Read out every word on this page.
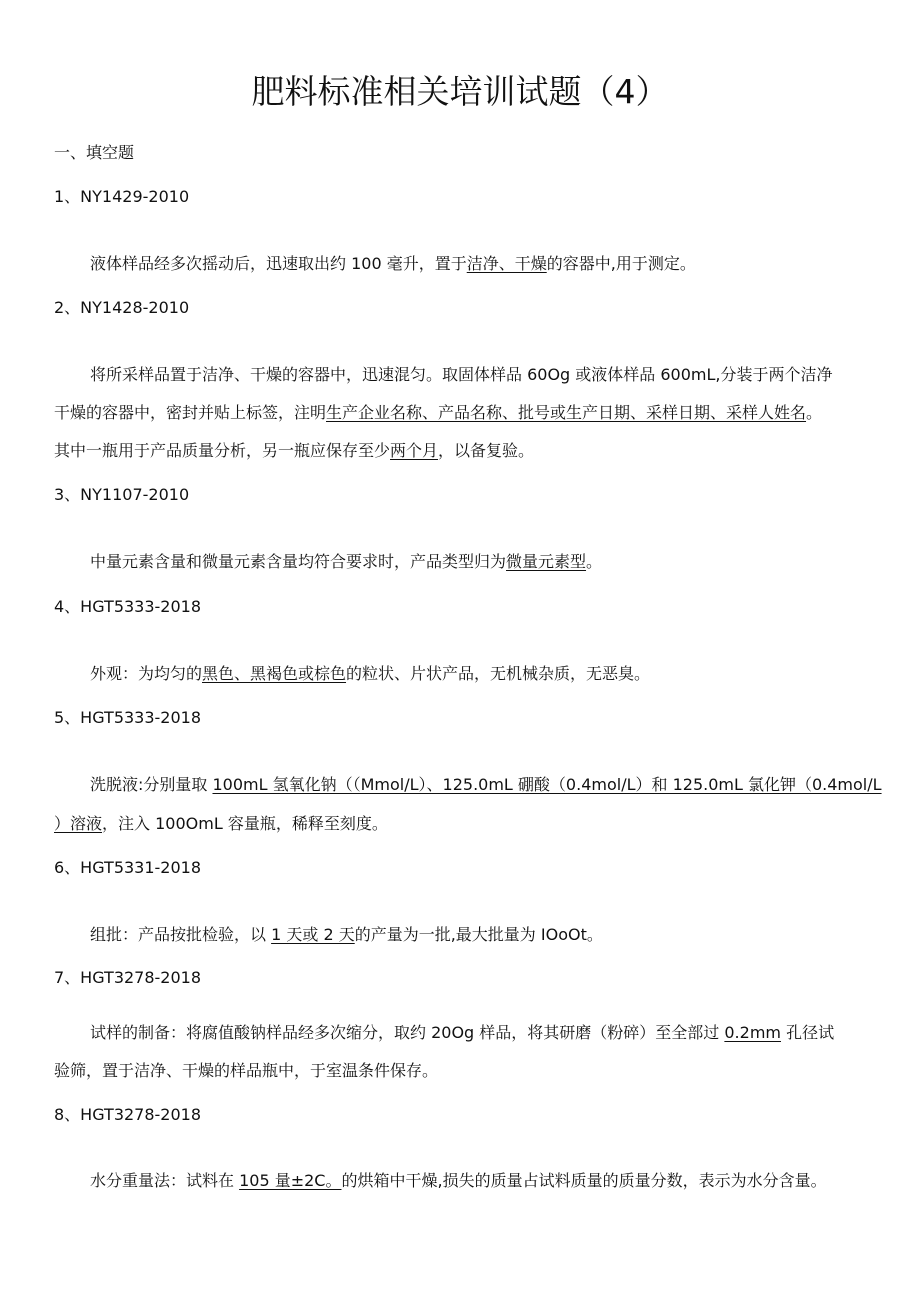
肥料标准相关培训试题（4）
一、填空题
1、NY1429-2010
液体样品经多次摇动后，迅速取出约 100 毫升，置于洁净、干燥的容器中,用于测定。
2、NY1428-2010
将所采样品置于洁净、干燥的容器中，迅速混匀。取固体样品 60Og 或液体样品 600mL,分装于两个洁净
干燥的容器中，密封并贴上标签，注明生产企业名称、产品名称、批号或生产日期、采样日期、采样人姓名。
其中一瓶用于产品质量分析，另一瓶应保存至少两个月，以备复验。
3、NY1107-2010
中量元素含量和微量元素含量均符合要求时，产品类型归为微量元素型。
4、HGT5333-2018
外观：为均匀的黑色、黑褐色或棕色的粒状、片状产品，无机械杂质，无恶臭。
5、HGT5333-2018
洗脱液:分别量取 100mL 氢氧化钠（（Mmol/L）、125.0mL 硼酸（0.4mol∕L）和 125.0mL 氯化钾（0.4mol∕L
）溶液，注入 100OmL 容量瓶，稀释至刻度。
6、HGT5331-2018
组批：产品按批检验，以 1 天或 2 天的产量为一批,最大批量为 IOoOt。
7、HGT3278-2018
试样的制备：将腐值酸钠样品经多次缩分，取约 20Og 样品，将其研磨（粉碎）至全部过 0.2mm 孔径试
验筛，置于洁净、干燥的样品瓶中，于室温条件保存。
8、HGT3278-2018
水分重量法：试料在 105 量±2C。的烘箱中干燥,损失的质量占试料质量的质量分数，表示为水分含量。
